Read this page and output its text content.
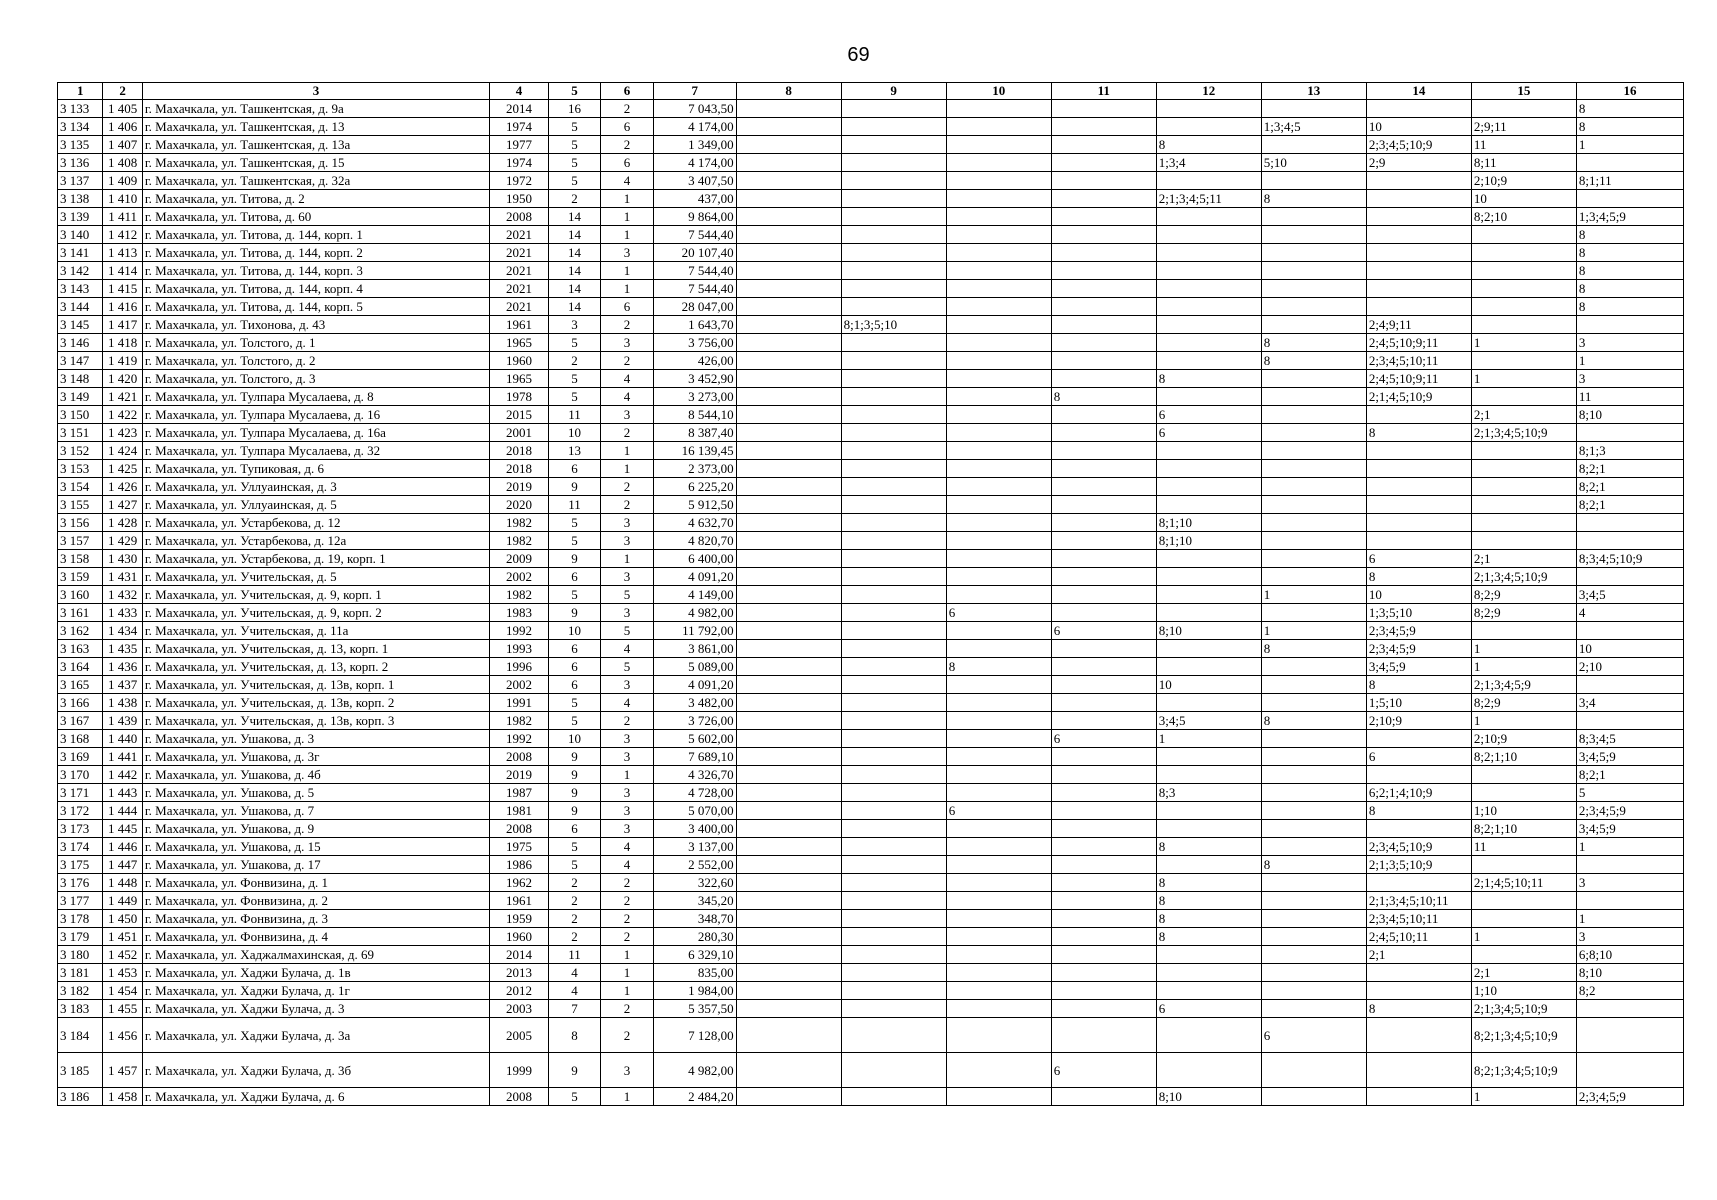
69
1	2	3	4	5	6	7	8	9	10	11	12	13	14	15	16
3 133	1 405	г. Махачкала, ул. Ташкентская, д. 9а	2014	16	2	7 043,50									8
3 134	1 406	г. Махачкала, ул. Ташкентская, д. 13	1974	5	6	4 174,00						1;3;4;5	10	2;9;11	8
3 135	1 407	г. Махачкала, ул. Ташкентская, д. 13а	1977	5	2	1 349,00					8		2;3;4;5;10;9	11	1
3 136	1 408	г. Махачкала, ул. Ташкентская, д. 15	1974	5	6	4 174,00					1;3;4	5;10	2;9	8;11	
3 137	1 409	г. Махачкала, ул. Ташкентская, д. 32а	1972	5	4	3 407,50								2;10;9	8;1;11
3 138	1 410	г. Махачкала, ул. Титова, д. 2	1950	2	1	437,00					2;1;3;4;5;11	8		10	
3 139	1 411	г. Махачкала, ул. Титова, д. 60	2008	14	1	9 864,00								8;2;10	1;3;4;5;9
3 140	1 412	г. Махачкала, ул. Титова, д. 144, корп. 1	2021	14	1	7 544,40									8
3 141	1 413	г. Махачкала, ул. Титова, д. 144, корп. 2	2021	14	3	20 107,40									8
3 142	1 414	г. Махачкала, ул. Титова, д. 144, корп. 3	2021	14	1	7 544,40									8
3 143	1 415	г. Махачкала, ул. Титова, д. 144, корп. 4	2021	14	1	7 544,40									8
3 144	1 416	г. Махачкала, ул. Титова, д. 144, корп. 5	2021	14	6	28 047,00									8
3 145	1 417	г. Махачкала, ул. Тихонова, д. 43	1961	3	2	1 643,70		8;1;3;5;10					2;4;9;11		
3 146	1 418	г. Махачкала, ул. Толстого, д. 1	1965	5	3	3 756,00						8	2;4;5;10;9;11	1	3
3 147	1 419	г. Махачкала, ул. Толстого, д. 2	1960	2	2	426,00						8	2;3;4;5;10;11		1
3 148	1 420	г. Махачкала, ул. Толстого, д. 3	1965	5	4	3 452,90					8		2;4;5;10;9;11	1	3
3 149	1 421	г. Махачкала, ул. Тулпара Мусалаева, д. 8	1978	5	4	3 273,00				8			2;1;4;5;10;9		11
3 150	1 422	г. Махачкала, ул. Тулпара Мусалаева, д. 16	2015	11	3	8 544,10					6			2;1	8;10
3 151	1 423	г. Махачкала, ул. Тулпара Мусалаева, д. 16а	2001	10	2	8 387,40					6		8	2;1;3;4;5;10;9	
3 152	1 424	г. Махачкала, ул. Тулпара Мусалаева, д. 32	2018	13	1	16 139,45									8;1;3
3 153	1 425	г. Махачкала, ул. Тупиковая, д. 6	2018	6	1	2 373,00									8;2;1
3 154	1 426	г. Махачкала, ул. Уллуаинская, д. 3	2019	9	2	6 225,20									8;2;1
3 155	1 427	г. Махачкала, ул. Уллуаинская, д. 5	2020	11	2	5 912,50									8;2;1
3 156	1 428	г. Махачкала, ул. Устарбекова, д. 12	1982	5	3	4 632,70					8;1;10				
3 157	1 429	г. Махачкала, ул. Устарбекова, д. 12а	1982	5	3	4 820,70					8;1;10				
3 158	1 430	г. Махачкала, ул. Устарбекова, д. 19, корп. 1	2009	9	1	6 400,00							6	2;1	8;3;4;5;10;9
3 159	1 431	г. Махачкала, ул. Учительская, д. 5	2002	6	3	4 091,20							8	2;1;3;4;5;10;9	
3 160	1 432	г. Махачкала, ул. Учительская, д. 9, корп. 1	1982	5	5	4 149,00						1	10	8;2;9	3;4;5
3 161	1 433	г. Махачкала, ул. Учительская, д. 9, корп. 2	1983	9	3	4 982,00			6				1;3;5;10	8;2;9	4
3 162	1 434	г. Махачкала, ул. Учительская, д. 11а	1992	10	5	11 792,00				6	8;10	1	2;3;4;5;9		
3 163	1 435	г. Махачкала, ул. Учительская, д. 13, корп. 1	1993	6	4	3 861,00						8	2;3;4;5;9	1	10
3 164	1 436	г. Махачкала, ул. Учительская, д. 13, корп. 2	1996	6	5	5 089,00			8				3;4;5;9	1	2;10
3 165	1 437	г. Махачкала, ул. Учительская, д. 13в, корп. 1	2002	6	3	4 091,20					10		8	2;1;3;4;5;9	
3 166	1 438	г. Махачкала, ул. Учительская, д. 13в, корп. 2	1991	5	4	3 482,00							1;5;10	8;2;9	3;4
3 167	1 439	г. Махачкала, ул. Учительская, д. 13в, корп. 3	1982	5	2	3 726,00					3;4;5	8	2;10;9	1	
3 168	1 440	г. Махачкала, ул. Ушакова, д. 3	1992	10	3	5 602,00				6	1			2;10;9	8;3;4;5
3 169	1 441	г. Махачкала, ул. Ушакова, д. 3г	2008	9	3	7 689,10							6	8;2;1;10	3;4;5;9
3 170	1 442	г. Махачкала, ул. Ушакова, д. 4б	2019	9	1	4 326,70									8;2;1
3 171	1 443	г. Махачкала, ул. Ушакова, д. 5	1987	9	3	4 728,00					8;3		6;2;1;4;10;9		5
3 172	1 444	г. Махачкала, ул. Ушакова, д. 7	1981	9	3	5 070,00			6				8	1;10	2;3;4;5;9
3 173	1 445	г. Махачкала, ул. Ушакова, д. 9	2008	6	3	3 400,00								8;2;1;10	3;4;5;9
3 174	1 446	г. Махачкала, ул. Ушакова, д. 15	1975	5	4	3 137,00					8		2;3;4;5;10;9	11	1
3 175	1 447	г. Махачкала, ул. Ушакова, д. 17	1986	5	4	2 552,00						8	2;1;3;5;10;9		
3 176	1 448	г. Махачкала, ул. Фонвизина, д. 1	1962	2	2	322,60					8			2;1;4;5;10;11	3
3 177	1 449	г. Махачкала, ул. Фонвизина, д. 2	1961	2	2	345,20					8		2;1;3;4;5;10;11		
3 178	1 450	г. Махачкала, ул. Фонвизина, д. 3	1959	2	2	348,70					8		2;3;4;5;10;11		1
3 179	1 451	г. Махачкала, ул. Фонвизина, д. 4	1960	2	2	280,30					8		2;4;5;10;11	1	3
3 180	1 452	г. Махачкала, ул. Хаджалмахинская, д. 69	2014	11	1	6 329,10							2;1		6;8;10
3 181	1 453	г. Махачкала, ул. Хаджи Булача, д. 1в	2013	4	1	835,00								2;1	8;10
3 182	1 454	г. Махачкала, ул. Хаджи Булача, д. 1г	2012	4	1	1 984,00								1;10	8;2
3 183	1 455	г. Махачкала, ул. Хаджи Булача, д. 3	2003	7	2	5 357,50					6		8	2;1;3;4;5;10;9	
3 184	1 456	г. Махачкала, ул. Хаджи Булача, д. 3а	2005	8	2	7 128,00						6		8;2;1;3;4;5;10;9	
3 185	1 457	г. Махачкала, ул. Хаджи Булача, д. 3б	1999	9	3	4 982,00				6				8;2;1;3;4;5;10;9	
3 186	1 458	г. Махачкала, ул. Хаджи Булача, д. 6	2008	5	1	2 484,20					8;10			1	2;3;4;5;9
